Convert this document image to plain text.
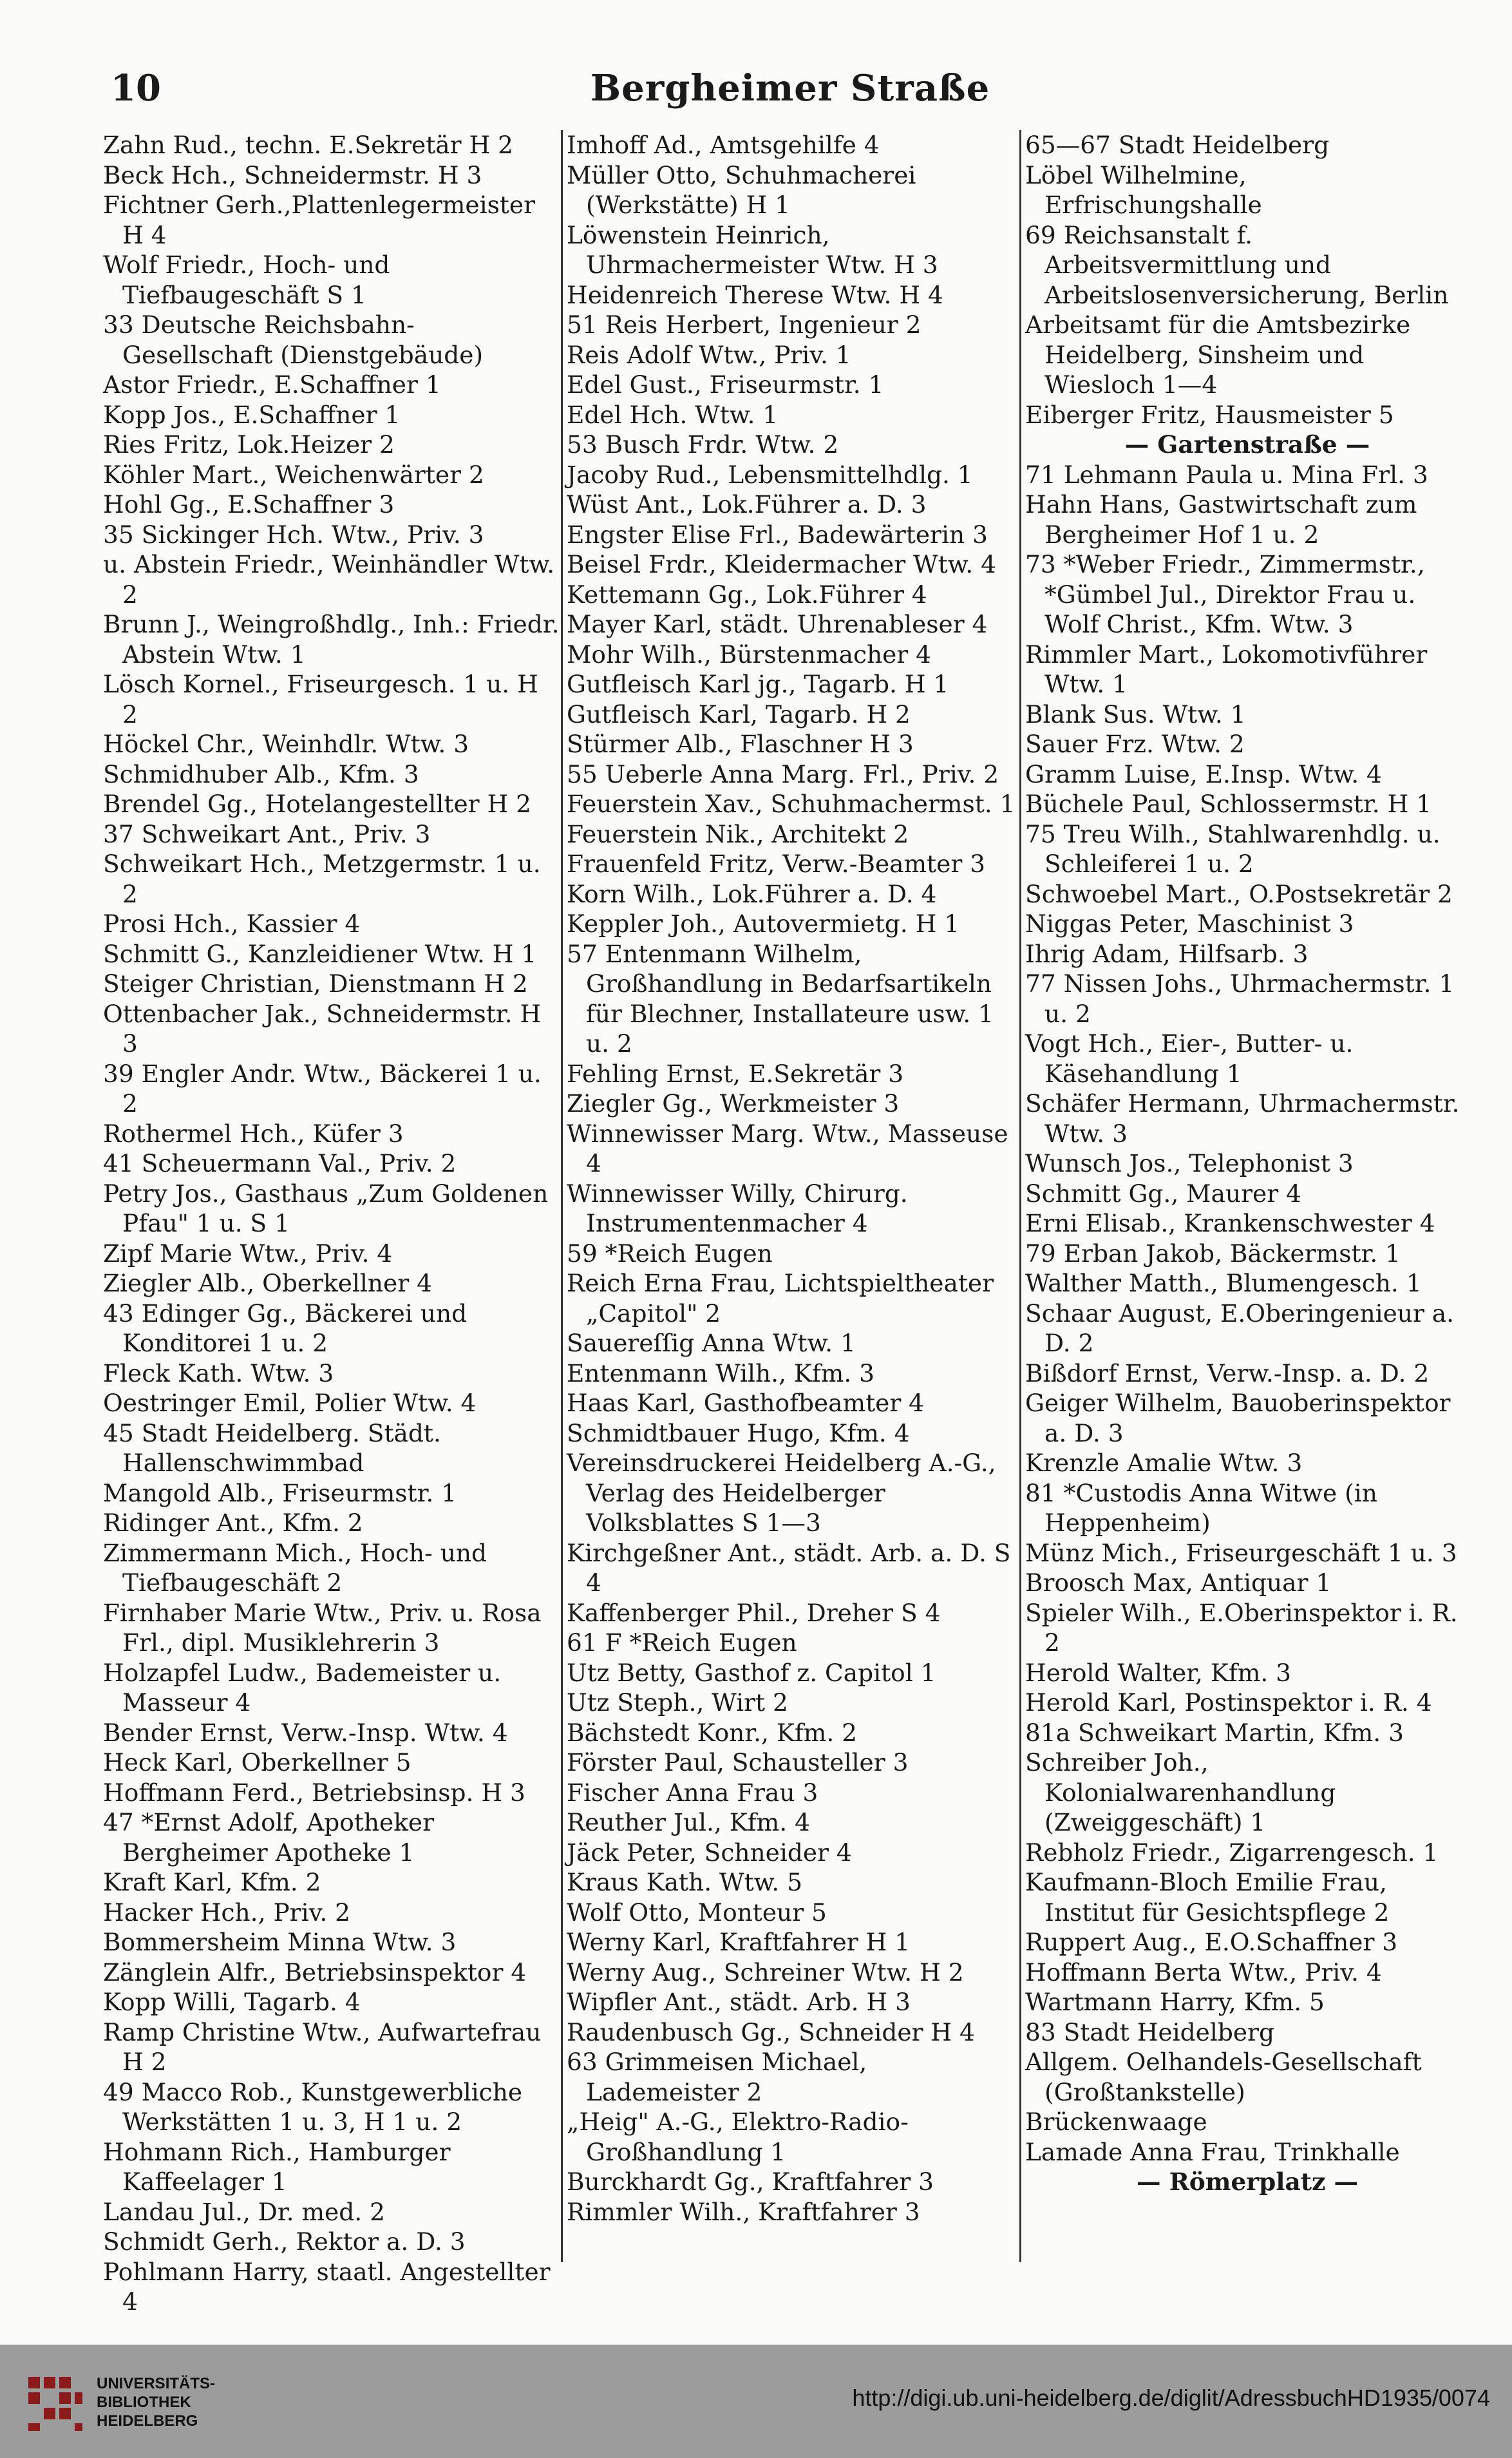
10	Bergheimer Straße

Zahn Rud., techn. E.Sekretär H 2

Beck Hch., Schneidermstr. H 3

Fichtner Gerh.,Plattenlegermeister H 4

Wolf Friedr., Hoch- und Tiefbaugeschäft S 1

33 Deutsche Reichsbahn-Gesellschaft (Dienstgebäude)

Astor Friedr., E.Schaffner 1

Kopp Jos., E.Schaffner 1

Ries Fritz, Lok.Heizer 2

Köhler Mart., Weichenwärter 2

Hohl Gg., E.Schaffner 3

35 Sickinger Hch. Wtw., Priv. 3

u. Abstein Friedr., Weinhändler Wtw. 2

Brunn J., Weingroßhdlg., Inh.: Friedr. Abstein Wtw. 1

Lösch Kornel., Friseurgesch. 1 u. H 2

Höckel Chr., Weinhdlr. Wtw. 3

Schmidhuber Alb., Kfm. 3

Brendel Gg., Hotelangestellter H 2

37 Schweikart Ant., Priv. 3

Schweikart Hch., Metzgermstr. 1 u. 2

Prosi Hch., Kassier 4

Schmitt G., Kanzleidiener Wtw. H 1

Steiger Christian, Dienstmann H 2

Ottenbacher Jak., Schneidermstr. H 3

39 Engler Andr. Wtw., Bäckerei 1 u. 2

Rothermel Hch., Küfer 3

41 Scheuermann Val., Priv. 2

Petry Jos., Gasthaus „Zum Goldenen Pfau" 1 u. S 1

Zipf Marie Wtw., Priv. 4

Ziegler Alb., Oberkellner 4

43 Edinger Gg., Bäckerei und Konditorei 1 u. 2

Fleck Kath. Wtw. 3

Oestringer Emil, Polier Wtw. 4

45 Stadt Heidelberg. Städt. Hallenschwimmbad

Mangold Alb., Friseurmstr. 1

Ridinger Ant., Kfm. 2

Zimmermann Mich., Hoch- und Tiefbaugeschäft 2

Firnhaber Marie Wtw., Priv. u. Rosa Frl., dipl. Musiklehrerin 3

Holzapfel Ludw., Bademeister u. Masseur 4

Bender Ernst, Verw.-Insp. Wtw. 4

Heck Karl, Oberkellner 5

Hoffmann Ferd., Betriebsinsp. H 3

47 *Ernst Adolf, Apotheker Bergheimer Apotheke 1

Kraft Karl, Kfm. 2

Hacker Hch., Priv. 2

Bommersheim Minna Wtw. 3

Zänglein Alfr., Betriebsinspektor 4

Kopp Willi, Tagarb. 4

Ramp Christine Wtw., Aufwartefrau H 2

49 Macco Rob., Kunstgewerbliche Werkstätten 1 u. 3, H 1 u. 2

Hohmann Rich., Hamburger Kaffeelager 1

Landau Jul., Dr. med. 2

Schmidt Gerh., Rektor a. D. 3

Pohlmann Harry, staatl. Angestellter 4

Imhoff Ad., Amtsgehilfe 4

Müller Otto, Schuhmacherei (Werkstätte) H 1

Löwenstein Heinrich, Uhrmachermeister Wtw. H 3

Heidenreich Therese Wtw. H 4

51 Reis Herbert, Ingenieur 2

Reis Adolf Wtw., Priv. 1

Edel Gust., Friseurmstr. 1

Edel Hch. Wtw. 1

53 Busch Frdr. Wtw. 2

Jacoby Rud., Lebensmittelhdlg. 1

Wüst Ant., Lok.Führer a. D. 3

Engster Elise Frl., Badewärterin 3

Beisel Frdr., Kleidermacher Wtw. 4

Kettemann Gg., Lok.Führer 4

Mayer Karl, städt. Uhrenableser 4

Mohr Wilh., Bürstenmacher 4

Gutfleisch Karl jg., Tagarb. H 1

Gutfleisch Karl, Tagarb. H 2

Stürmer Alb., Flaschner H 3

55 Ueberle Anna Marg. Frl., Priv. 2

Feuerstein Xav., Schuhmachermst. 1

Feuerstein Nik., Architekt 2

Frauenfeld Fritz, Verw.-Beamter 3

Korn Wilh., Lok.Führer a. D. 4

Keppler Joh., Autovermietg. H 1

57 Entenmann Wilhelm, Großhandlung in Bedarfsartikeln für Blechner, Installateure usw. 1 u. 2

Fehling Ernst, E.Sekretär 3

Ziegler Gg., Werkmeister 3

Winnewisser Marg. Wtw., Masseuse 4

Winnewisser Willy, Chirurg. Instrumentenmacher 4

59 *Reich Eugen

Reich Erna Frau, Lichtspieltheater „Capitol" 2

Sauereſſig Anna Wtw. 1

Entenmann Wilh., Kfm. 3

Haas Karl, Gasthofbeamter 4

Schmidtbauer Hugo, Kfm. 4

Vereinsdruckerei Heidelberg A.-G., Verlag des Heidelberger Volksblattes S 1—3

Kirchgeßner Ant., städt. Arb. a. D. S 4

Kaffenberger Phil., Dreher S 4

61 F *Reich Eugen

Utz Betty, Gasthof z. Capitol 1

Utz Steph., Wirt 2

Bächstedt Konr., Kfm. 2

Förster Paul, Schausteller 3

Fischer Anna Frau 3

Reuther Jul., Kfm. 4

Jäck Peter, Schneider 4

Kraus Kath. Wtw. 5

Wolf Otto, Monteur 5

Werny Karl, Kraftfahrer H 1

Werny Aug., Schreiner Wtw. H 2

Wipfler Ant., städt. Arb. H 3

Raudenbusch Gg., Schneider H 4

63 Grimmeisen Michael, Lademeister 2

„Heig" A.-G., Elektro-Radio-Großhandlung 1

Burckhardt Gg., Kraftfahrer 3

Rimmler Wilh., Kraftfahrer 3

65—67 Stadt Heidelberg

Löbel Wilhelmine, Erfrischungshalle

69 Reichsanstalt f. Arbeitsvermittlung und Arbeitslosenversicherung, Berlin

Arbeitsamt für die Amtsbezirke Heidelberg, Sinsheim und Wiesloch 1—4

Eiberger Fritz, Hausmeister 5

— Gartenstraße —

71 Lehmann Paula u. Mina Frl. 3

Hahn Hans, Gastwirtschaft zum Bergheimer Hof 1 u. 2

73 *Weber Friedr., Zimmermstr., *Gümbel Jul., Direktor Frau u. Wolf Christ., Kfm. Wtw. 3

Rimmler Mart., Lokomotivführer Wtw. 1

Blank Sus. Wtw. 1

Sauer Frz. Wtw. 2

Gramm Luise, E.Insp. Wtw. 4

Büchele Paul, Schlossermstr. H 1

75 Treu Wilh., Stahlwarenhdlg. u. Schleiferei 1 u. 2

Schwoebel Mart., O.Postsekretär 2

Niggas Peter, Maschinist 3

Ihrig Adam, Hilfsarb. 3

77 Nissen Johs., Uhrmachermstr. 1 u. 2

Vogt Hch., Eier-, Butter- u. Käsehandlung 1

Schäfer Hermann, Uhrmachermstr. Wtw. 3

Wunsch Jos., Telephonist 3

Schmitt Gg., Maurer 4

Erni Elisab., Krankenschwester 4

79 Erban Jakob, Bäckermstr. 1

Walther Matth., Blumengesch. 1

Schaar August, E.Oberingenieur a. D. 2

Bißdorf Ernst, Verw.-Insp. a. D. 2

Geiger Wilhelm, Bauoberinspektor a. D. 3

Krenzle Amalie Wtw. 3

81 *Custodis Anna Witwe (in Heppenheim)

Münz Mich., Friseurgeschäft 1 u. 3

Broosch Max, Antiquar 1

Spieler Wilh., E.Oberinspektor i. R. 2

Herold Walter, Kfm. 3

Herold Karl, Postinspektor i. R. 4

81a Schweikart Martin, Kfm. 3

Schreiber Joh., Kolonialwarenhandlung (Zweiggeschäft) 1

Rebholz Friedr., Zigarrengesch. 1

Kaufmann-Bloch Emilie Frau, Institut für Gesichtspflege 2

Ruppert Aug., E.O.Schaffner 3

Hoffmann Berta Wtw., Priv. 4

Wartmann Harry, Kfm. 5

83 Stadt Heidelberg

Allgem. Oelhandels-Gesellschaft (Großtankstelle)

Brückenwaage

Lamade Anna Frau, Trinkhalle

— Römerplatz —

UNIVERSITÄTS-
BIBLIOTHEK
HEIDELBERG
http://digi.ub.uni-heidelberg.de/diglit/AdressbuchHD1935/0074
